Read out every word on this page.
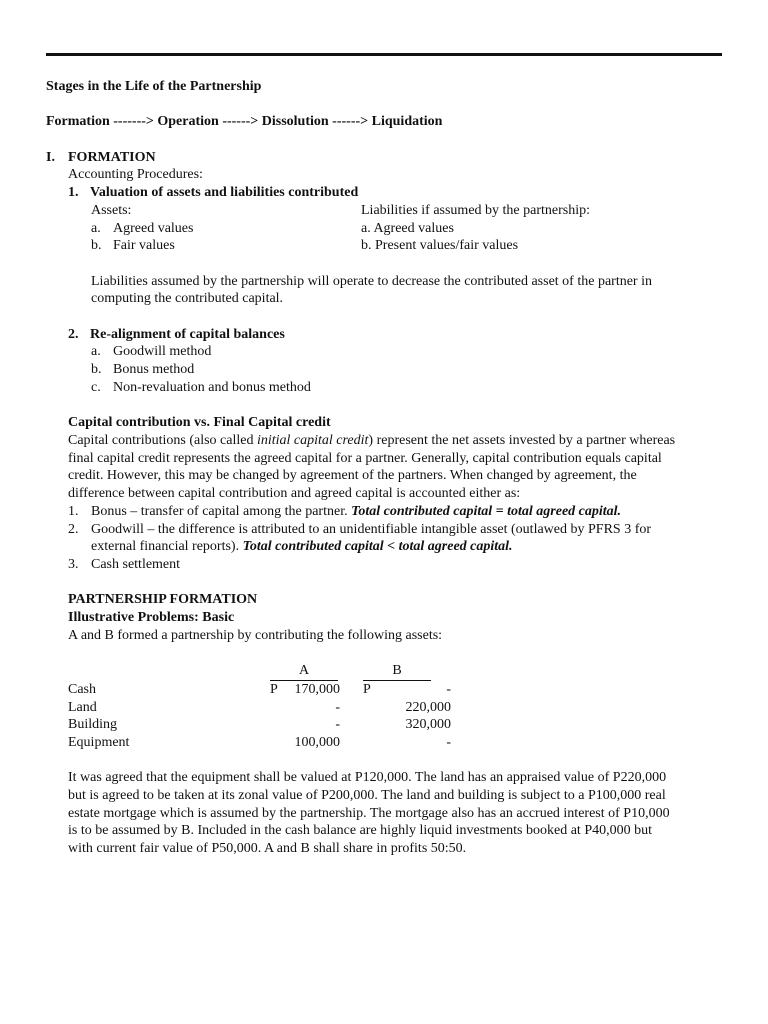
Stages in the Life of the Partnership
Formation -------> Operation ------> Dissolution ------> Liquidation
I. FORMATION
Accounting Procedures:
1. Valuation of assets and liabilities contributed
Assets:	Liabilities if assumed by the partnership:
a. Agreed values	a. Agreed values
b. Fair values	b. Present values/fair values
Liabilities assumed by the partnership will operate to decrease the contributed asset of the partner in
computing the contributed capital.
2. Re-alignment of capital balances
a. Goodwill method
b. Bonus method
c. Non-revaluation and bonus method
Capital contribution vs. Final Capital credit
Capital contributions (also called initial capital credit) represent the net assets invested by a partner whereas
final capital credit represents the agreed capital for a partner. Generally, capital contribution equals capital
credit. However, this may be changed by agreement of the partners. When changed by agreement, the
difference between capital contribution and agreed capital is accounted either as:
1. Bonus – transfer of capital among the partner. Total contributed capital = total agreed capital.
2. Goodwill – the difference is attributed to an unidentifiable intangible asset (outlawed by PFRS 3 for
external financial reports). Total contributed capital < total agreed capital.
3. Cash settlement
PARTNERSHIP FORMATION
Illustrative Problems: Basic
A and B formed a partnership by contributing the following assets:
	A			B	
Cash	P	170,000		P	-
Land		-			220,000
Building		-			320,000
Equipment		100,000			-
It was agreed that the equipment shall be valued at P120,000. The land has an appraised value of P220,000
but is agreed to be taken at its zonal value of P200,000. The land and building is subject to a P100,000 real
estate mortgage which is assumed by the partnership. The mortgage also has an accrued interest of P10,000
is to be assumed by B. Included in the cash balance are highly liquid investments booked at P40,000 but
with current fair value of P50,000. A and B shall share in profits 50:50.
